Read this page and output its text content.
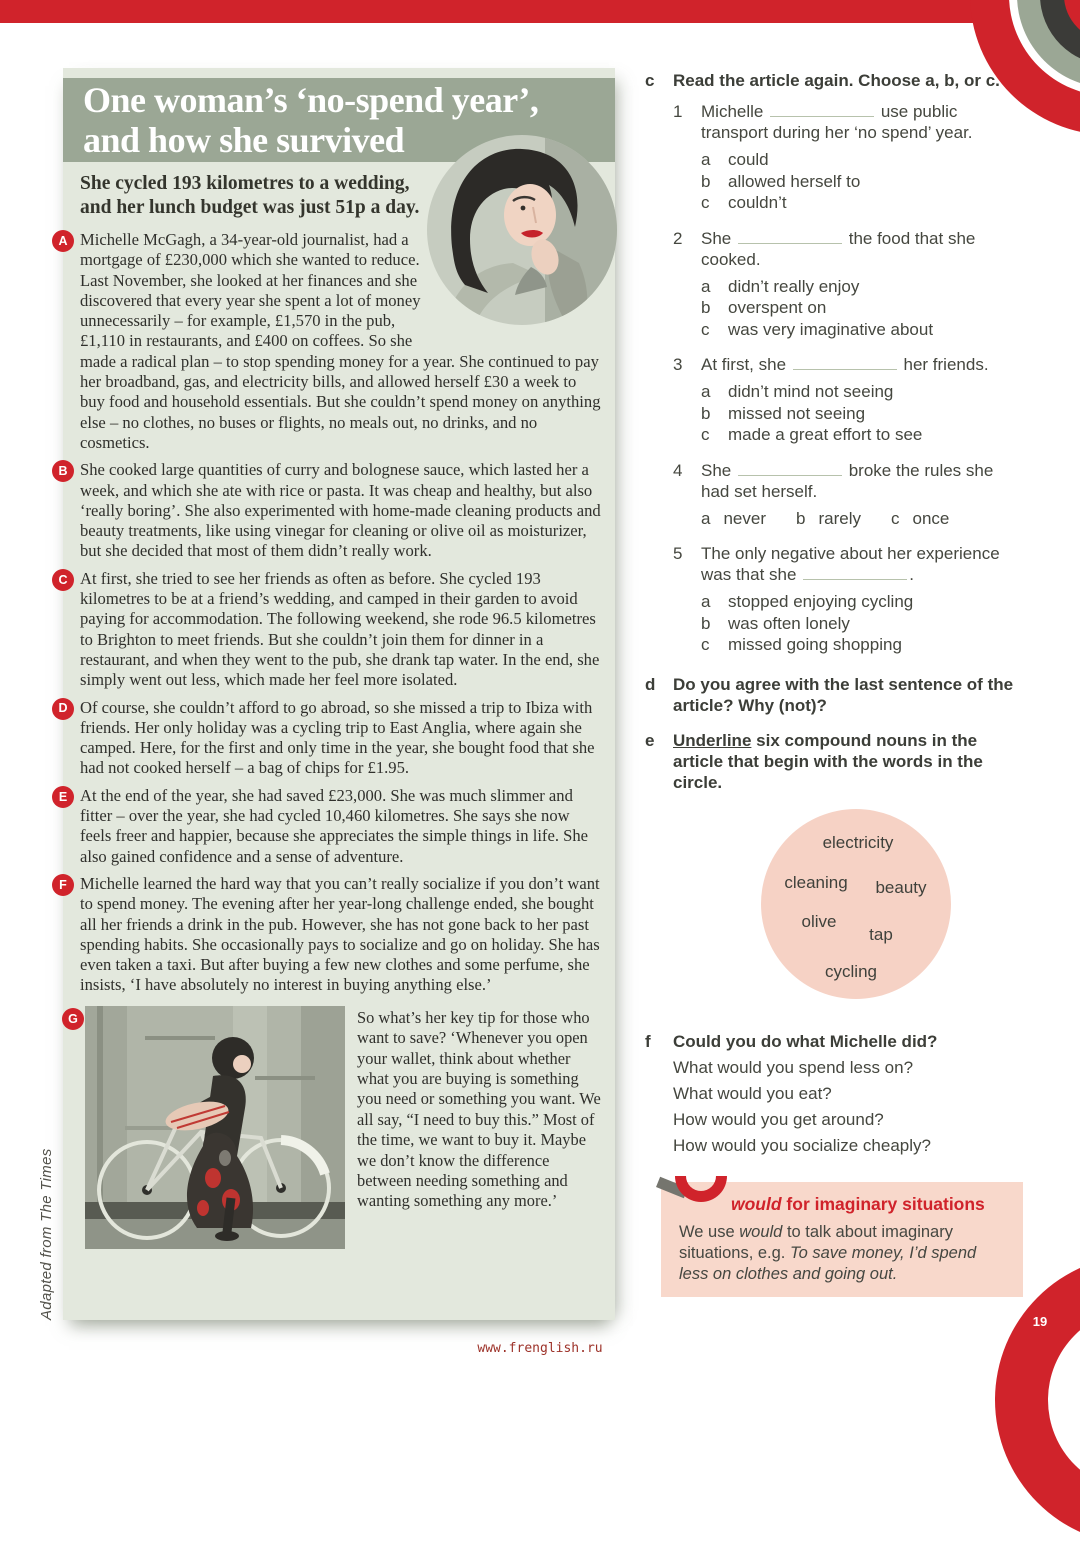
One woman’s ‘no-spend year’,
and how she survived
She cycled 193 kilometres to a wedding, and her lunch budget was just 51p a day.
A Michelle McGagh, a 34-year-old journalist, had a mortgage of £230,000 which she wanted to reduce. Last November, she looked at her finances and she discovered that every year she spent a lot of money unnecessarily – for example, £1,570 in the pub, £1,110 in restaurants, and £400 on coffees. So she made a radical plan – to stop spending money for a year. She continued to pay her broadband, gas, and electricity bills, and allowed herself £30 a week to buy food and household essentials. But she couldn’t spend money on anything else – no clothes, no buses or flights, no meals out, no drinks, and no cosmetics.
B She cooked large quantities of curry and bolognese sauce, which lasted her a week, and which she ate with rice or pasta. It was cheap and healthy, but also ‘really boring’. She also experimented with home-made cleaning products and beauty treatments, like using vinegar for cleaning or olive oil as moisturizer, but she decided that most of them didn’t really work.
C At first, she tried to see her friends as often as before. She cycled 193 kilometres to be at a friend’s wedding, and camped in their garden to avoid paying for accommodation. The following weekend, she rode 96.5 kilometres to Brighton to meet friends. But she couldn’t join them for dinner in a restaurant, and when they went to the pub, she drank tap water. In the end, she simply went out less, which made her feel more isolated.
D Of course, she couldn’t afford to go abroad, so she missed a trip to Ibiza with friends. Her only holiday was a cycling trip to East Anglia, where again she camped. Here, for the first and only time in the year, she bought food that she had not cooked herself – a bag of chips for £1.95.
E At the end of the year, she had saved £23,000. She was much slimmer and fitter – over the year, she had cycled 10,460 kilometres. She says she now feels freer and happier, because she appreciates the simple things in life. She also gained confidence and a sense of adventure.
F Michelle learned the hard way that you can’t really socialize if you don’t want to spend money. The evening after her year-long challenge ended, she bought all her friends a drink in the pub. However, she has not gone back to her past spending habits. She occasionally pays to socialize and go on holiday. She has even taken a taxi. But after buying a few new clothes and some perfume, she insists, ‘I have absolutely no interest in buying anything else.’
G	So what’s her key tip for those who want to save? ‘Whenever you open your wallet, think about whether what you are buying is something you need or something you want. We all say, “I need to buy this.” Most of the time, we want to buy it. Maybe we don’t know the difference between needing something and wanting something any more.’
c	Read the article again. Choose a, b, or c.
1	Michelle	use public transport during her ‘no spend’ year.
a	could
b	allowed herself to
c	couldn’t
2	She	the food that she cooked.
a	didn’t really enjoy
b	overspent on
c	was very imaginative about
3	At first, she	her friends.
a	didn’t mind not seeing
b	missed not seeing
c	made a great effort to see
4	She	broke the rules she had set herself.
a never b rarely c once
5	The only negative about her experience was that she	.
a	stopped enjoying cycling
b	was often lonely
c	missed going shopping
d	Do you agree with the last sentence of the article? Why (not)?
e	Underline six compound nouns in the article that begin with the words in the circle.
electricity
cleaning beauty
olive
tap
cycling
f	Could you do what Michelle did?
What would you spend less on?
What would you eat?
How would you get around?
How would you socialize cheaply?
would for imaginary situations
We use would to talk about imaginary situations, e.g. To save money, I’d spend less on clothes and going out.
19
www.frenglish.ru
Adapted from The Times
